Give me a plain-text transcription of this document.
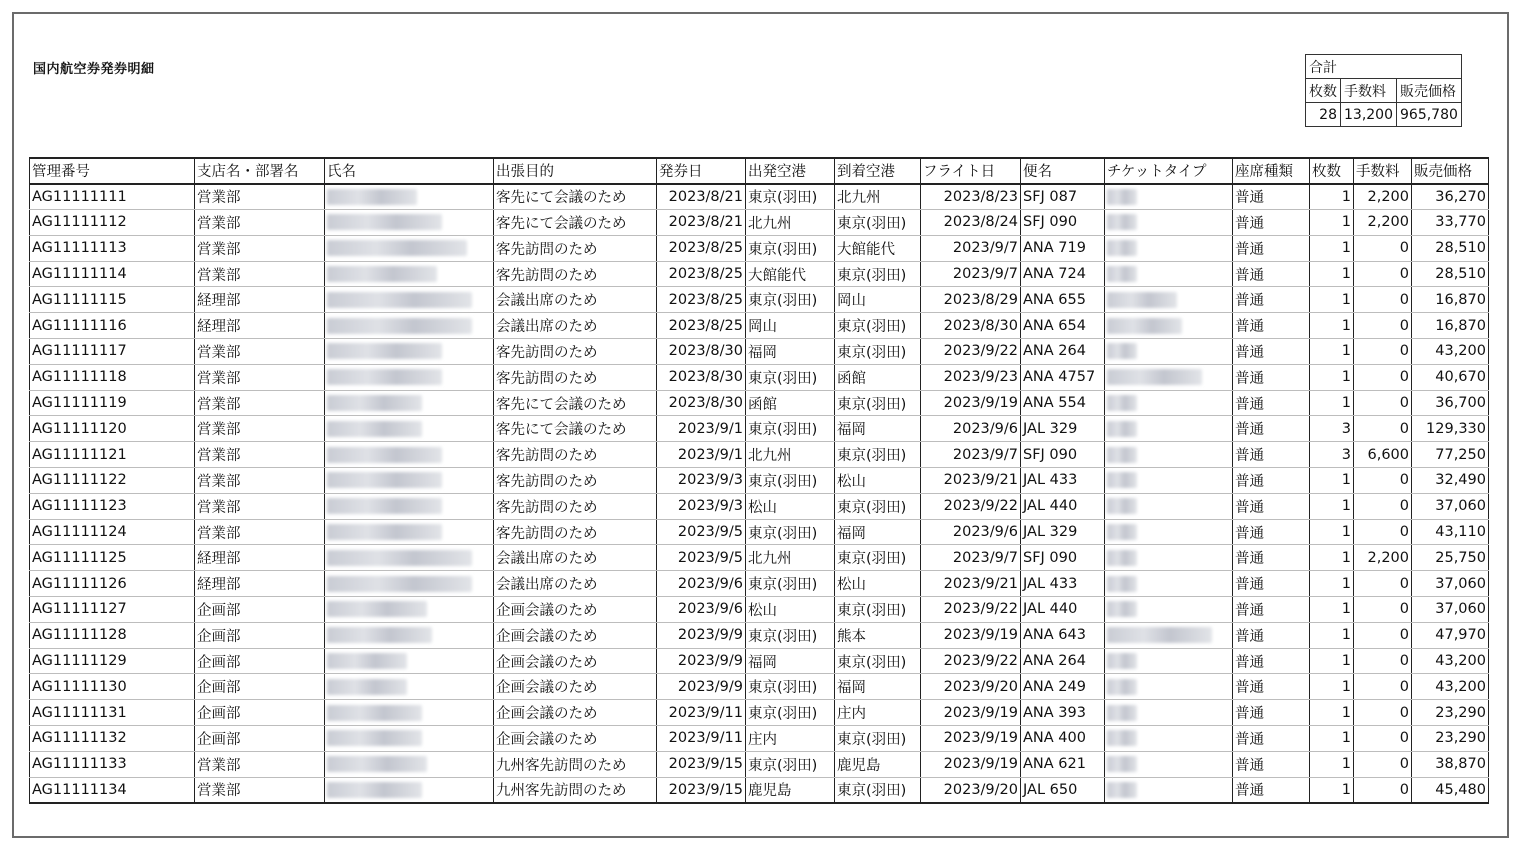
国内航空券発券明細	合計		
枚数	手数料	販売価格
28	13,200	965,780
管理番号	支店名・部署名	氏名	出張目的	発券日	出発空港	到着空港	フライト日	便名	チケットタイプ	座席種類	枚数	手数料	販売価格
AG11111111	営業部		客先にて会議のため	2023/8/21	東京(羽田)	北九州	2023/8/23	SFJ 087		普通	1	2,200	36,270
AG11111112	営業部		客先にて会議のため	2023/8/21	北九州	東京(羽田)	2023/8/24	SFJ 090		普通	1	2,200	33,770
AG11111113	営業部		客先訪問のため	2023/8/25	東京(羽田)	大館能代	2023/9/7	ANA 719		普通	1	0	28,510
AG11111114	営業部		客先訪問のため	2023/8/25	大館能代	東京(羽田)	2023/9/7	ANA 724		普通	1	0	28,510
AG11111115	経理部		会議出席のため	2023/8/25	東京(羽田)	岡山	2023/8/29	ANA 655		普通	1	0	16,870
AG11111116	経理部		会議出席のため	2023/8/25	岡山	東京(羽田)	2023/8/30	ANA 654		普通	1	0	16,870
AG11111117	営業部		客先訪問のため	2023/8/30	福岡	東京(羽田)	2023/9/22	ANA 264		普通	1	0	43,200
AG11111118	営業部		客先訪問のため	2023/8/30	東京(羽田)	函館	2023/9/23	ANA 4757		普通	1	0	40,670
AG11111119	営業部		客先にて会議のため	2023/8/30	函館	東京(羽田)	2023/9/19	ANA 554		普通	1	0	36,700
AG11111120	営業部		客先にて会議のため	2023/9/1	東京(羽田)	福岡	2023/9/6	JAL 329		普通	3	0	129,330
AG11111121	営業部		客先訪問のため	2023/9/1	北九州	東京(羽田)	2023/9/7	SFJ 090		普通	3	6,600	77,250
AG11111122	営業部		客先訪問のため	2023/9/3	東京(羽田)	松山	2023/9/21	JAL 433		普通	1	0	32,490
AG11111123	営業部		客先訪問のため	2023/9/3	松山	東京(羽田)	2023/9/22	JAL 440		普通	1	0	37,060
AG11111124	営業部		客先訪問のため	2023/9/5	東京(羽田)	福岡	2023/9/6	JAL 329		普通	1	0	43,110
AG11111125	経理部		会議出席のため	2023/9/5	北九州	東京(羽田)	2023/9/7	SFJ 090		普通	1	2,200	25,750
AG11111126	経理部		会議出席のため	2023/9/6	東京(羽田)	松山	2023/9/21	JAL 433		普通	1	0	37,060
AG11111127	企画部		企画会議のため	2023/9/6	松山	東京(羽田)	2023/9/22	JAL 440		普通	1	0	37,060
AG11111128	企画部		企画会議のため	2023/9/9	東京(羽田)	熊本	2023/9/19	ANA 643		普通	1	0	47,970
AG11111129	企画部		企画会議のため	2023/9/9	福岡	東京(羽田)	2023/9/22	ANA 264		普通	1	0	43,200
AG11111130	企画部		企画会議のため	2023/9/9	東京(羽田)	福岡	2023/9/20	ANA 249		普通	1	0	43,200
AG11111131	企画部		企画会議のため	2023/9/11	東京(羽田)	庄内	2023/9/19	ANA 393		普通	1	0	23,290
AG11111132	企画部		企画会議のため	2023/9/11	庄内	東京(羽田)	2023/9/19	ANA 400		普通	1	0	23,290
AG11111133	営業部		九州客先訪問のため	2023/9/15	東京(羽田)	鹿児島	2023/9/19	ANA 621		普通	1	0	38,870
AG11111134	営業部		九州客先訪問のため	2023/9/15	鹿児島	東京(羽田)	2023/9/20	JAL 650		普通	1	0	45,480
